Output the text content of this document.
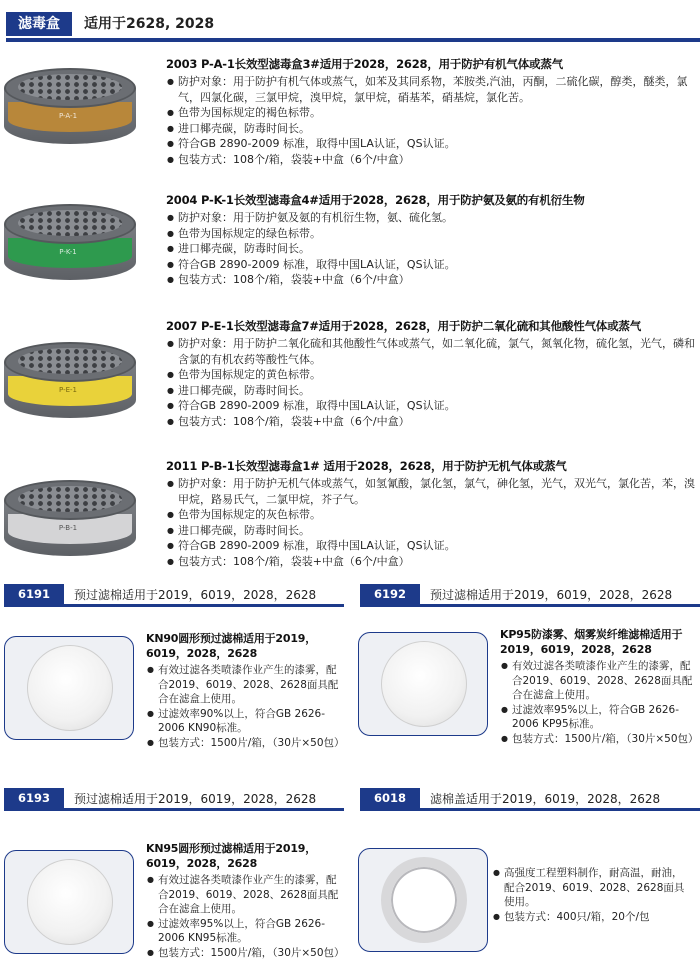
滤毒盒	适用于2628, 2028
P-A-1
2003 P-A-1长效型滤毒盒3#适用于2028，2628，用于防护有机气体或蒸气
● 防护对象：用于防护有机气体或蒸气，如苯及其同系物，苯胺类,汽油，丙酮，二硫化碳，醇类，醚类，氯气，四氯化碳，三氯甲烷，溴甲烷，氯甲烷，硝基苯，硝基烷，氯化苦。
● 色带为国标规定的褐色标带。
● 进口椰壳碳，防毒时间长。
● 符合GB 2890-2009 标准，取得中国LA认证，QS认证。
● 包装方式：108个/箱，袋装+中盒（6个/中盒）
P-K-1
2004 P-K-1长效型滤毒盒4#适用于2028，2628，用于防护氨及氨的有机衍生物
● 防护对象：用于防护氨及氨的有机衍生物，氨、硫化氢。
● 色带为国标规定的绿色标带。
● 进口椰壳碳，防毒时间长。
● 符合GB 2890-2009 标准，取得中国LA认证，QS认证。
● 包装方式：108个/箱，袋装+中盒（6个/中盒）
P-E-1
2007 P-E-1长效型滤毒盒7#适用于2028，2628，用于防护二氧化硫和其他酸性气体或蒸气
● 防护对象：用于防护二氧化硫和其他酸性气体或蒸气，如二氧化硫，氯气，氮氧化物，硫化氢，光气，磷和含氯的有机农药等酸性气体。
● 色带为国标规定的黄色标带。
● 进口椰壳碳，防毒时间长。
● 符合GB 2890-2009 标准，取得中国LA认证，QS认证。
● 包装方式：108个/箱，袋装+中盒（6个/中盒）
P-B-1
2011 P-B-1长效型滤毒盒1# 适用于2028，2628，用于防护无机气体或蒸气
● 防护对象：用于防护无机气体或蒸气，如氢氰酸，氯化氢，氯气，砷化氢，光气，双光气，氯化苦，苯，溴甲烷，路易氏气，二氯甲烷，芥子气。
● 色带为国标规定的灰色标带。
● 进口椰壳碳，防毒时间长。
● 符合GB 2890-2009 标准，取得中国LA认证，QS认证。
● 包装方式：108个/箱，袋装+中盒（6个/中盒）
6191	预过滤棉适用于2019，6019，2028，2628
KN90圆形预过滤棉适用于2019，6019，2028，2628
● 有效过滤各类喷漆作业产生的漆雾，配合2019、6019、2028、2628面具配合在滤盒上使用。
● 过滤效率90%以上，符合GB 2626-2006 KN90标准。
● 包装方式：1500片/箱，（30片×50包）
6192	预过滤棉适用于2019，6019，2028，2628
KP95防漆雾、烟雾炭纤维滤棉适用于2019，6019，2028，2628
● 有效过滤各类喷漆作业产生的漆雾，配合2019、6019、2028、2628面具配合在滤盒上使用。
● 过滤效率95%以上，符合GB 2626-2006 KP95标准。
● 包装方式：1500片/箱，（30片×50包）
6193	预过滤棉适用于2019，6019，2028，2628
KN95圆形预过滤棉适用于2019，6019，2028，2628
● 有效过滤各类喷漆作业产生的漆雾，配合2019、6019、2028、2628面具配合在滤盒上使用。
● 过滤效率95%以上，符合GB 2626-2006 KN95标准。
● 包装方式：1500片/箱，（30片×50包）
6018	滤棉盖适用于2019，6019，2028，2628
● 高强度工程塑料制作，耐高温，耐油，配合2019、6019、2028、2628面具使用。
● 包装方式：400只/箱，20个/包
